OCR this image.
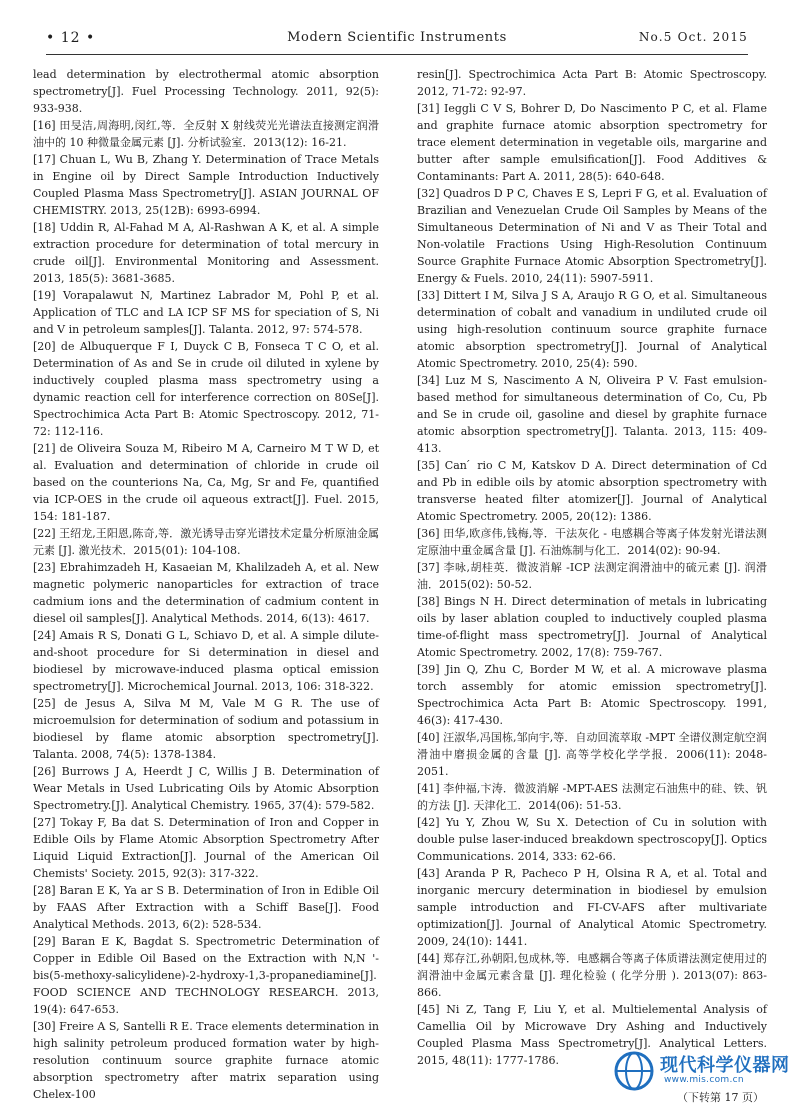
• 12 •	Modern Scientific Instruments	No.5 Oct. 2015
lead determination by electrothermal atomic absorption spectrometry[J]. Fuel Processing Technology. 2011, 92(5): 933-938.
[16] 田旻洁,周海明,闵红,等．全反射 X 射线荧光光谱法直接测定润滑油中的 10 种微量金属元素 [J]. 分析试验室．2013(12): 16-21.
[17] Chuan L, Wu B, Zhang Y. Determination of Trace Metals in Engine oil by Direct Sample Introduction Inductively Coupled Plasma Mass Spectrometry[J]. ASIAN JOURNAL OF CHEMISTRY. 2013, 25(12B): 6993-6994.
[18] Uddin R, Al-Fahad M A, Al-Rashwan A K, et al. A simple extraction procedure for determination of total mercury in crude oil[J]. Environmental Monitoring and Assessment. 2013, 185(5): 3681-3685.
[19] Vorapalawut N, Martinez Labrador M, Pohl P, et al. Application of TLC and LA ICP SF MS for speciation of S, Ni and V in petroleum samples[J]. Talanta. 2012, 97: 574-578.
[20] de Albuquerque F I, Duyck C B, Fonseca T C O, et al. Determination of As and Se in crude oil diluted in xylene by inductively coupled plasma mass spectrometry using a dynamic reaction cell for interference correction on 80Se[J]. Spectrochimica Acta Part B: Atomic Spectroscopy. 2012, 71-72: 112-116.
[21] de Oliveira Souza M, Ribeiro M A, Carneiro M T W D, et al. Evaluation and determination of chloride in crude oil based on the counterions Na, Ca, Mg, Sr and Fe, quantified via ICP-OES in the crude oil aqueous extract[J]. Fuel. 2015, 154: 181-187.
[22] 王绍龙,王阳恩,陈奇,等．激光诱导击穿光谱技术定量分析原油金属元素 [J]. 激光技术．2015(01): 104-108.
[23] Ebrahimzadeh H, Kasaeian M, Khalilzadeh A, et al. New magnetic polymeric nanoparticles for extraction of trace cadmium ions and the determination of cadmium content in diesel oil samples[J]. Analytical Methods. 2014, 6(13): 4617.
[24] Amais R S, Donati G L, Schiavo D, et al. A simple dilute-and-shoot procedure for Si determination in diesel and biodiesel by microwave-induced plasma optical emission spectrometry[J]. Microchemical Journal. 2013, 106: 318-322.
[25] de Jesus A, Silva M M, Vale M G R. The use of microemulsion for determination of sodium and potassium in biodiesel by flame atomic absorption spectrometry[J]. Talanta. 2008, 74(5): 1378-1384.
[26] Burrows J A, Heerdt J C, Willis J B. Determination of Wear Metals in Used Lubricating Oils by Atomic Absorption Spectrometry.[J]. Analytical Chemistry. 1965, 37(4): 579-582.
[27] Tokay F, Ba dat S. Determination of Iron and Copper in Edible Oils by Flame Atomic Absorption Spectrometry After Liquid Liquid Extraction[J]. Journal of the American Oil Chemists' Society. 2015, 92(3): 317-322.
[28] Baran E K, Ya ar S B. Determination of Iron in Edible Oil by FAAS After Extraction with a Schiff Base[J]. Food Analytical Methods. 2013, 6(2): 528-534.
[29] Baran E K, Bagdat S. Spectrometric Determination of Copper in Edible Oil Based on the Extraction with N,N '-bis(5-methoxy-salicylidene)-2-hydroxy-1,3-propanediamine[J]. FOOD SCIENCE AND TECHNOLOGY RESEARCH. 2013, 19(4): 647-653.
[30] Freire A S, Santelli R E. Trace elements determination in high salinity petroleum produced formation water by high-resolution continuum source graphite furnace atomic absorption spectrometry after matrix separation using Chelex-100
resin[J]. Spectrochimica Acta Part B: Atomic Spectroscopy. 2012, 71-72: 92-97.
[31] Ieggli C V S, Bohrer D, Do Nascimento P C, et al. Flame and graphite furnace atomic absorption spectrometry for trace element determination in vegetable oils, margarine and butter after sample emulsification[J]. Food Additives & Contaminants: Part A. 2011, 28(5): 640-648.
[32] Quadros D P C, Chaves E S, Lepri F G, et al. Evaluation of Brazilian and Venezuelan Crude Oil Samples by Means of the Simultaneous Determination of Ni and V as Their Total and Non-volatile Fractions Using High-Resolution Continuum Source Graphite Furnace Atomic Absorption Spectrometry[J]. Energy & Fuels. 2010, 24(11): 5907-5911.
[33] Dittert I M, Silva J S A, Araujo R G O, et al. Simultaneous determination of cobalt and vanadium in undiluted crude oil using high-resolution continuum source graphite furnace atomic absorption spectrometry[J]. Journal of Analytical Atomic Spectrometry. 2010, 25(4): 590.
[34] Luz M S, Nascimento A N, Oliveira P V. Fast emulsion-based method for simultaneous determination of Co, Cu, Pb and Se in crude oil, gasoline and diesel by graphite furnace atomic absorption spectrometry[J]. Talanta. 2013, 115: 409-413.
[35] Can ́ rio C M, Katskov D A. Direct determination of Cd and Pb in edible oils by atomic absorption spectrometry with transverse heated filter atomizer[J]. Journal of Analytical Atomic Spectrometry. 2005, 20(12): 1386.
[36] 田华,欧彦伟,钱梅,等．干法灰化 - 电感耦合等离子体发射光谱法测定原油中重金属含量 [J]. 石油炼制与化工．2014(02): 90-94.
[37] 李咏,胡桂英．微波消解 -ICP 法测定润滑油中的硫元素 [J]. 润滑油．2015(02): 50-52.
[38] Bings N H. Direct determination of metals in lubricating oils by laser ablation coupled to inductively coupled plasma time-of-flight mass spectrometry[J]. Journal of Analytical Atomic Spectrometry. 2002, 17(8): 759-767.
[39] Jin Q, Zhu C, Border M W, et al. A microwave plasma torch assembly for atomic emission spectrometry[J]. Spectrochimica Acta Part B: Atomic Spectroscopy. 1991, 46(3): 417-430.
[40] 汪淑华,冯国栋,邹向宇,等．自动回流萃取 -MPT 全谱仪测定航空润滑油中磨损金属的含量 [J]. 高等学校化学学报．2006(11): 2048-2051.
[41] 李仲福,卞涛．微波消解 -MPT-AES 法测定石油焦中的硅、铁、钒的方法 [J]. 天津化工．2014(06): 51-53.
[42] Yu Y, Zhou W, Su X. Detection of Cu in solution with double pulse laser-induced breakdown spectroscopy[J]. Optics Communications. 2014, 333: 62-66.
[43] Aranda P R, Pacheco P H, Olsina R A, et al. Total and inorganic mercury determination in biodiesel by emulsion sample introduction and FI-CV-AFS after multivariate optimization[J]. Journal of Analytical Atomic Spectrometry. 2009, 24(10): 1441.
[44] 郑存江,孙朝阳,包成林,等．电感耦合等离子体质谱法测定使用过的润滑油中金属元素含量 [J]. 理化检验 ( 化学分册 ). 2013(07): 863-866.
[45] Ni Z, Tang F, Liu Y, et al. Multielemental Analysis of Camellia Oil by Microwave Dry Ashing and Inductively Coupled Plasma Mass Spectrometry[J]. Analytical Letters. 2015, 48(11): 1777-1786.	现代科学仪器网
www.mis.com.cn
（下转第 17 页）
